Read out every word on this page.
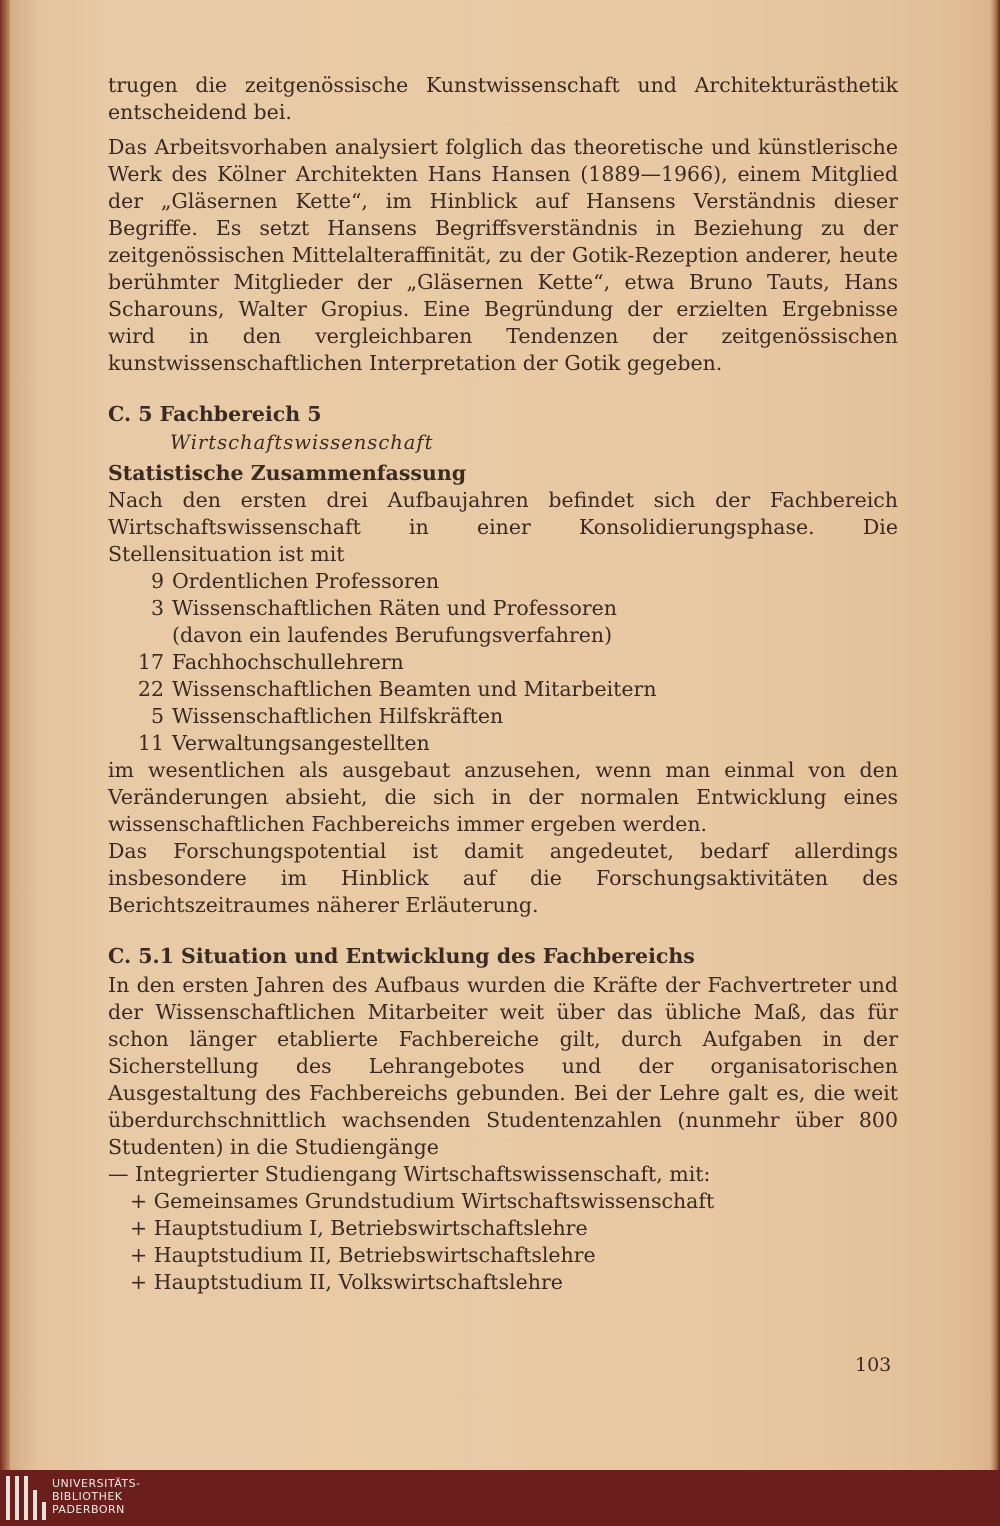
trugen die zeitgenössische Kunstwissenschaft und Architekturästhetik entscheidend bei.

Das Arbeitsvorhaben analysiert folglich das theoretische und künstlerische Werk des Kölner Architekten Hans Hansen (1889—1966), einem Mitglied der „Gläsernen Kette“, im Hinblick auf Hansens Verständnis dieser Begriffe. Es setzt Hansens Begriffsverständnis in Beziehung zu der zeitgenössischen Mittelalteraffinität, zu der Gotik-Rezeption anderer, heute berühmter Mitglieder der „Gläsernen Kette“, etwa Bruno Tauts, Hans Scharouns, Walter Gropius. Eine Begründung der erzielten Ergebnisse wird in den vergleichbaren Tendenzen der zeitgenössischen kunstwissenschaftlichen Interpretation der Gotik gegeben.

C. 5 Fachbereich 5

Wirtschaftswissenschaft

Statistische Zusammenfassung

Nach den ersten drei Aufbaujahren befindet sich der Fachbereich Wirtschaftswissenschaft in einer Konsolidierungsphase. Die Stellensituation ist mit

9 Ordentlichen Professoren
3 Wissenschaftlichen Räten und Professoren
(davon ein laufendes Berufungsverfahren)
17 Fachhochschullehrern
22 Wissenschaftlichen Beamten und Mitarbeitern
5 Wissenschaftlichen Hilfskräften
11 Verwaltungsangestellten

im wesentlichen als ausgebaut anzusehen, wenn man einmal von den Veränderungen absieht, die sich in der normalen Entwicklung eines wissenschaftlichen Fachbereichs immer ergeben werden.

Das Forschungspotential ist damit angedeutet, bedarf allerdings insbesondere im Hinblick auf die Forschungsaktivitäten des Berichtszeitraumes näherer Erläuterung.

C. 5.1 Situation und Entwicklung des Fachbereichs

In den ersten Jahren des Aufbaus wurden die Kräfte der Fachvertreter und der Wissenschaftlichen Mitarbeiter weit über das übliche Maß, das für schon länger etablierte Fachbereiche gilt, durch Aufgaben in der Sicherstellung des Lehrangebotes und der organisatorischen Ausgestaltung des Fachbereichs gebunden. Bei der Lehre galt es, die weit überdurchschnittlich wachsenden Studentenzahlen (nunmehr über 800 Studenten) in die Studiengänge

— Integrierter Studiengang Wirtschaftswissenschaft, mit:

+ Gemeinsames Grundstudium Wirtschaftswissenschaft

+ Hauptstudium I, Betriebswirtschaftslehre

+ Hauptstudium II, Betriebswirtschaftslehre

+ Hauptstudium II, Volkswirtschaftslehre

103
UNIVERSITÄTS-
BIBLIOTHEK
PADERBORN
